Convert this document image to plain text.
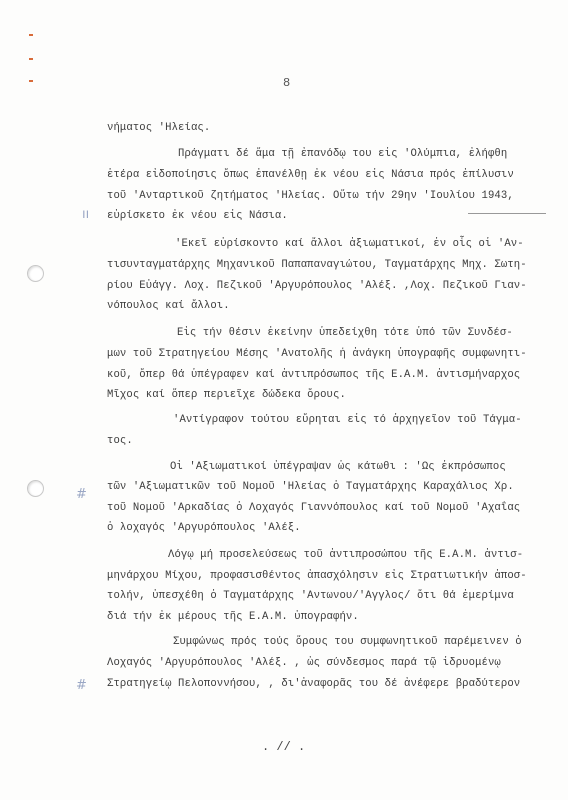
ıı
#
#
8
νήματος 'Ηλείας.
Πράγματι δέ ἅμα τῇ ἐπανόδῳ του εἰς 'Ολύμπια, ἐλήφθη
ἑτέρα εἰδοποίησις ὅπως ἐπανέλθῃ ἐκ νέου εἰς Νάσια πρός ἐπίλυσιν
τοῦ 'Ανταρτικοῦ ζητήματος 'Ηλείας. Οὕτω τήν 29ην 'Ιουλίου 1943,
εὑρίσκετο ἐκ νέου εἰς Νάσια.
'Εκεῖ εὑρίσκοντο καί ἄλλοι ἀξιωματικοί, ἐν οἷς οἱ 'Αν-
τισυνταγματάρχης Μηχανικοῦ Παπαπαναγιώτου, Ταγματάρχης Μηχ. Σωτη-
ρίου Εὐάγγ. Λοχ. Πεζικοῦ 'Αργυρόπουλος 'Αλέξ. ,Λοχ. Πεζικοῦ Γιαν-
νόπουλος καί ἄλλοι.
Εἰς τήν θέσιν ἐκείνην ὑπεδείχθη τότε ὑπό τῶν Συνδέσ-
μων τοῦ Στρατηγείου Μέσης 'Ανατολῆς ἡ ἀνάγκη ὑπογραφῆς συμφωνητι-
κοῦ, ὅπερ θά ὑπέγραφεν καί ἀντιπρόσωπος τῆς Ε.Α.Μ. ἀντισμήναρχος
Μῖχος καί ὅπερ περιεῖχε δώδεκα ὅρους.
'Αντίγραφον τούτου εὕρηται εἰς τό ἀρχηγεῖον τοῦ Τάγμα-
τος.
Οἱ 'Αξιωματικοί ὑπέγραψαν ὡς κάτωθι : 'Ως ἐκπρόσωπος
τῶν 'Αξιωματικῶν τοῦ Νομοῦ 'Ηλείας ὁ Ταγματάρχης Καραχάλιος Χρ.
τοῦ Νομοῦ 'Αρκαδίας ὁ Λοχαγός Γιαννόπουλος καί τοῦ Νομοῦ 'Αχαΐας
ὁ λοχαγός 'Αργυρόπουλος 'Αλέξ.
Λόγῳ μή προσελεύσεως τοῦ ἀντιπροσώπου τῆς Ε.Α.Μ. ἀντισ-
μηνάρχου Μίχου, προφασισθέντος ἀπασχόλησιν εἰς Στρατιωτικήν ἀποσ-
τολήν, ὑπεσχέθη ὁ Ταγματάρχης 'Αντωνου/'Αγγλος/ ὅτι θά ἐμερίμνα
διά τήν ἐκ μέρους τῆς Ε.Α.Μ. ὑπογραφήν.
Συμφώνως πρός τούς ὅρους του συμφωνητικοῦ παρέμεινεν ὁ
Λοχαγός 'Αργυρόπουλος 'Αλέξ. , ὡς σύνδεσμος παρά τῷ ἱδρυομένῳ
Στρατηγείῳ Πελοποννήσου, , δι'ἀναφορᾶς του δέ ἀνέφερε βραδύτερον
. // .
